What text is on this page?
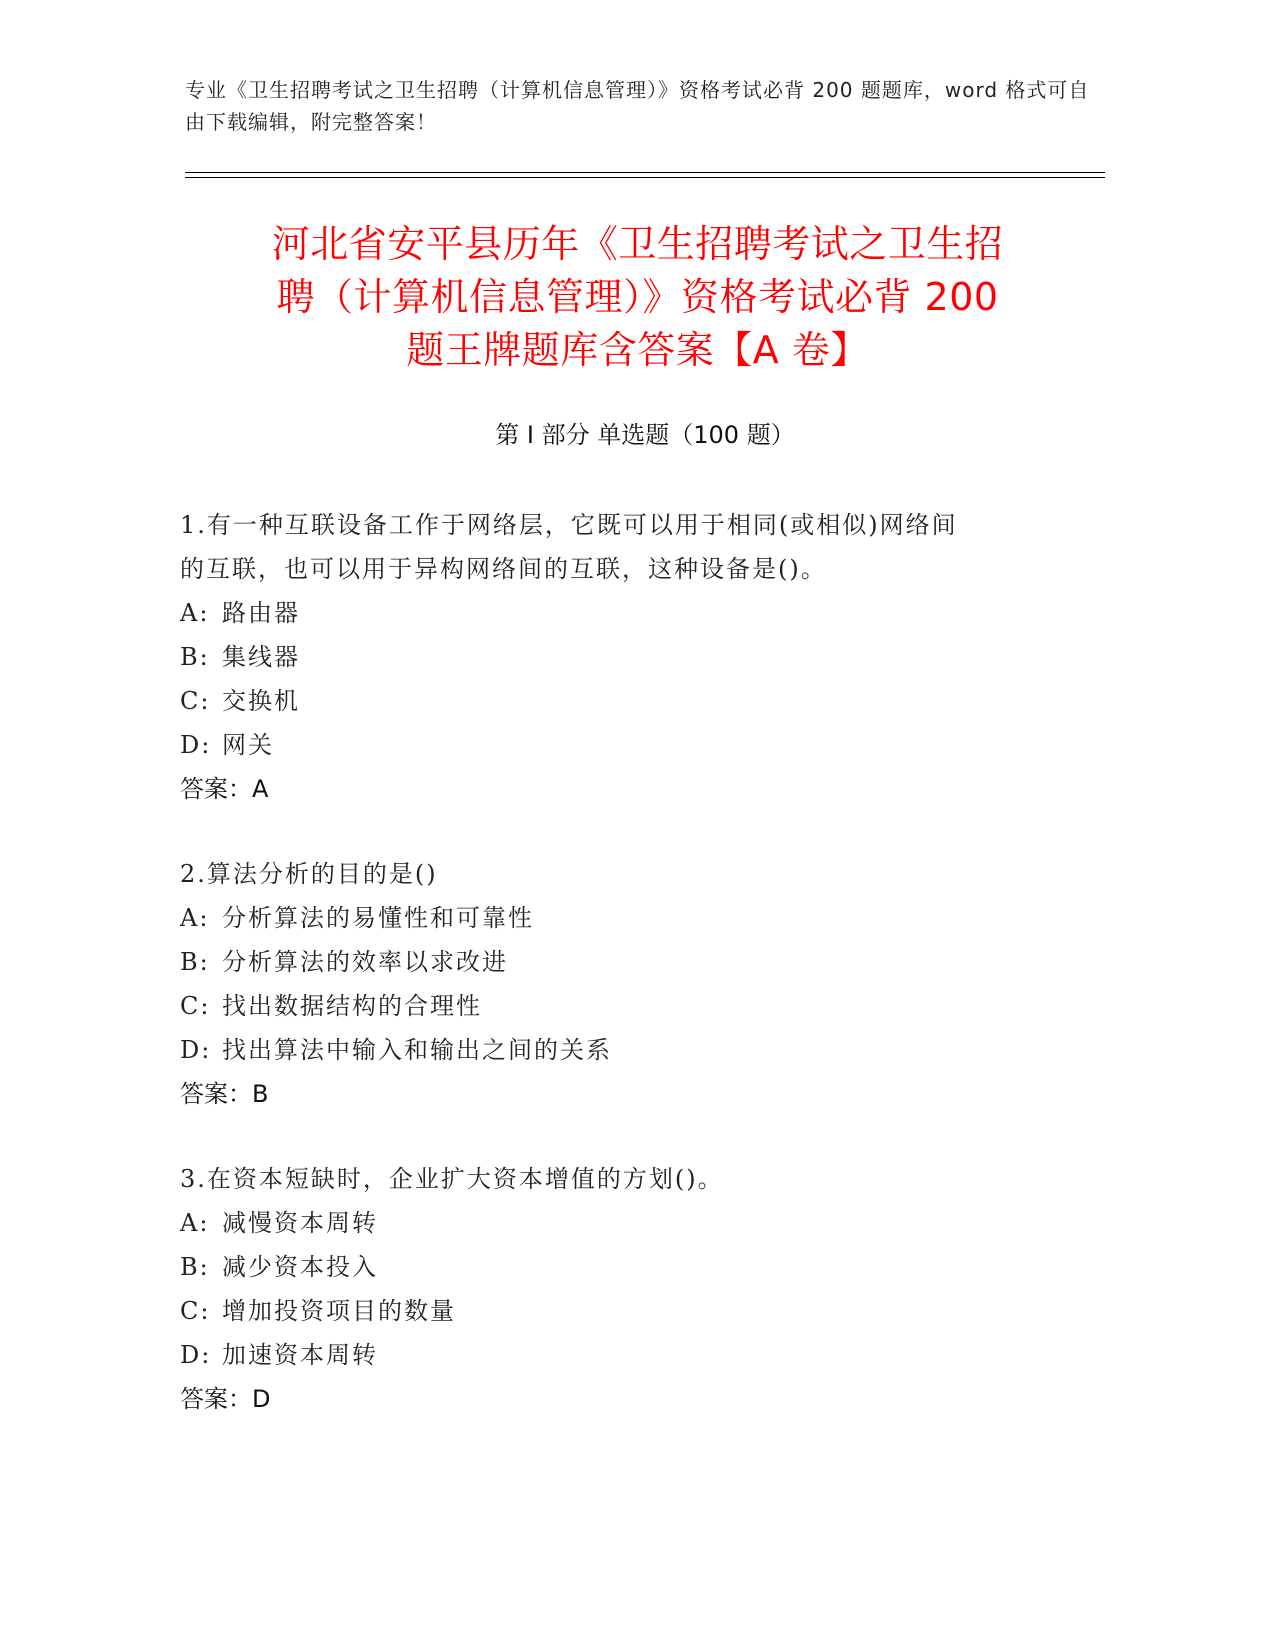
专业《卫生招聘考试之卫生招聘（计算机信息管理）》资格考试必背 200 题题库，word 格式可自由下载编辑，附完整答案！
河北省安平县历年《卫生招聘考试之卫生招
聘（计算机信息管理）》资格考试必背 200
题王牌题库含答案【A 卷】
第 I 部分 单选题（100 题）

1.有一种互联设备工作于网络层，它既可以用于相同(或相似)网络间

的互联，也可以用于异构网络间的互联，这种设备是()。

A: 路由器

B: 集线器

C: 交换机

D: 网关

答案：A

2.算法分析的目的是()

A: 分析算法的易懂性和可靠性

B: 分析算法的效率以求改进

C: 找出数据结构的合理性

D: 找出算法中输入和输出之间的关系

答案：B

3.在资本短缺时，企业扩大资本增值的方划()。

A: 减慢资本周转

B: 减少资本投入

C: 增加投资项目的数量

D: 加速资本周转

答案：D
